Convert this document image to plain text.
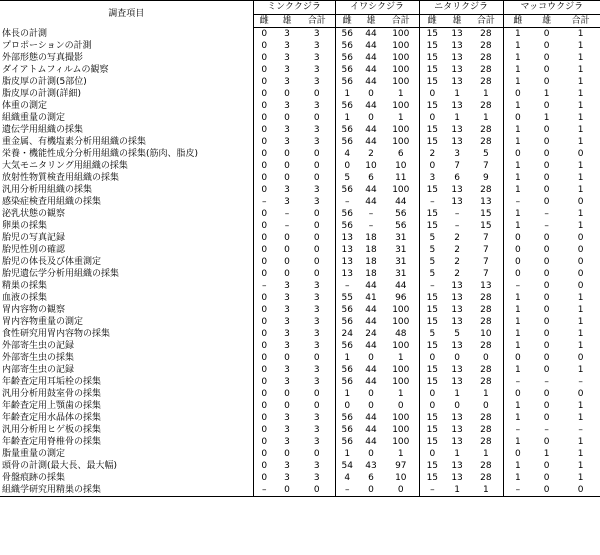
調査項目	ミンククジラ			イワシクジラ			ニタリクジラ			マッコウクジラ		
	雌	雄	合計	雌	雄	合計	雌	雄	合計	雌	雄	合計
体長の計測	0	3	3	56	44	100	15	13	28	1	0	1
プロポーションの計測	0	3	3	56	44	100	15	13	28	1	0	1
外部形態の写真撮影	0	3	3	56	44	100	15	13	28	1	0	1
ダイアトムフィルムの観察	0	3	3	56	44	100	15	13	28	1	0	1
脂皮厚の計測(5部位)	0	3	3	56	44	100	15	13	28	1	0	1
脂皮厚の計測(詳細)	0	0	0	1	0	1	0	1	1	0	1	1
体重の測定	0	3	3	56	44	100	15	13	28	1	0	1
組織重量の測定	0	0	0	1	0	1	0	1	1	0	1	1
遺伝学用組織の採集	0	3	3	56	44	100	15	13	28	1	0	1
重金属、有機塩素分析用組織の採集	0	3	3	56	44	100	15	13	28	1	0	1
栄養・機能性成分分析用組織の採集(筋肉、脂皮)	0	0	0	4	2	6	2	3	5	0	0	0
大気モニタリング用組織の採集	0	0	0	0	10	10	0	7	7	1	0	1
放射性物質検査用組織の採集	0	0	0	5	6	11	3	6	9	1	0	1
汎用分析用組織の採集	0	3	3	56	44	100	15	13	28	1	0	1
感染症検査用組織の採集	–	3	3	–	44	44	–	13	13	–	0	0
泌乳状態の観察	0	–	0	56	–	56	15	–	15	1	–	1
卵巣の採集	0	–	0	56	–	56	15	–	15	1	–	1
胎児の写真記録	0	0	0	13	18	31	5	2	7	0	0	0
胎児性別の確認	0	0	0	13	18	31	5	2	7	0	0	0
胎児の体長及び体重測定	0	0	0	13	18	31	5	2	7	0	0	0
胎児遺伝学分析用組織の採集	0	0	0	13	18	31	5	2	7	0	0	0
精巣の採集	–	3	3	–	44	44	–	13	13	–	0	0
血液の採集	0	3	3	55	41	96	15	13	28	1	0	1
胃内容物の観察	0	3	3	56	44	100	15	13	28	1	0	1
胃内容物重量の測定	0	3	3	56	44	100	15	13	28	1	0	1
食性研究用胃内容物の採集	0	3	3	24	24	48	5	5	10	1	0	1
外部寄生虫の記録	0	3	3	56	44	100	15	13	28	1	0	1
外部寄生虫の採集	0	0	0	1	0	1	0	0	0	0	0	0
内部寄生虫の記録	0	3	3	56	44	100	15	13	28	1	0	1
年齢査定用耳垢栓の採集	0	3	3	56	44	100	15	13	28	–	–	–
汎用分析用鼓室骨の採集	0	0	0	1	0	1	0	1	1	0	0	0
年齢査定用上顎歯の採集	0	0	0	0	0	0	0	0	0	1	0	1
年齢査定用水晶体の採集	0	3	3	56	44	100	15	13	28	1	0	1
汎用分析用ヒゲ板の採集	0	3	3	56	44	100	15	13	28	–	–	–
年齢査定用脊椎骨の採集	0	3	3	56	44	100	15	13	28	1	0	1
脂量重量の測定	0	0	0	1	0	1	0	1	1	0	1	1
頭骨の計測(最大長、最大幅)	0	3	3	54	43	97	15	13	28	1	0	1
骨盤痕跡の採集	0	3	3	4	6	10	15	13	28	1	0	1
組織学研究用精巣の採集	–	0	0	–	0	0	–	1	1	–	0	0
